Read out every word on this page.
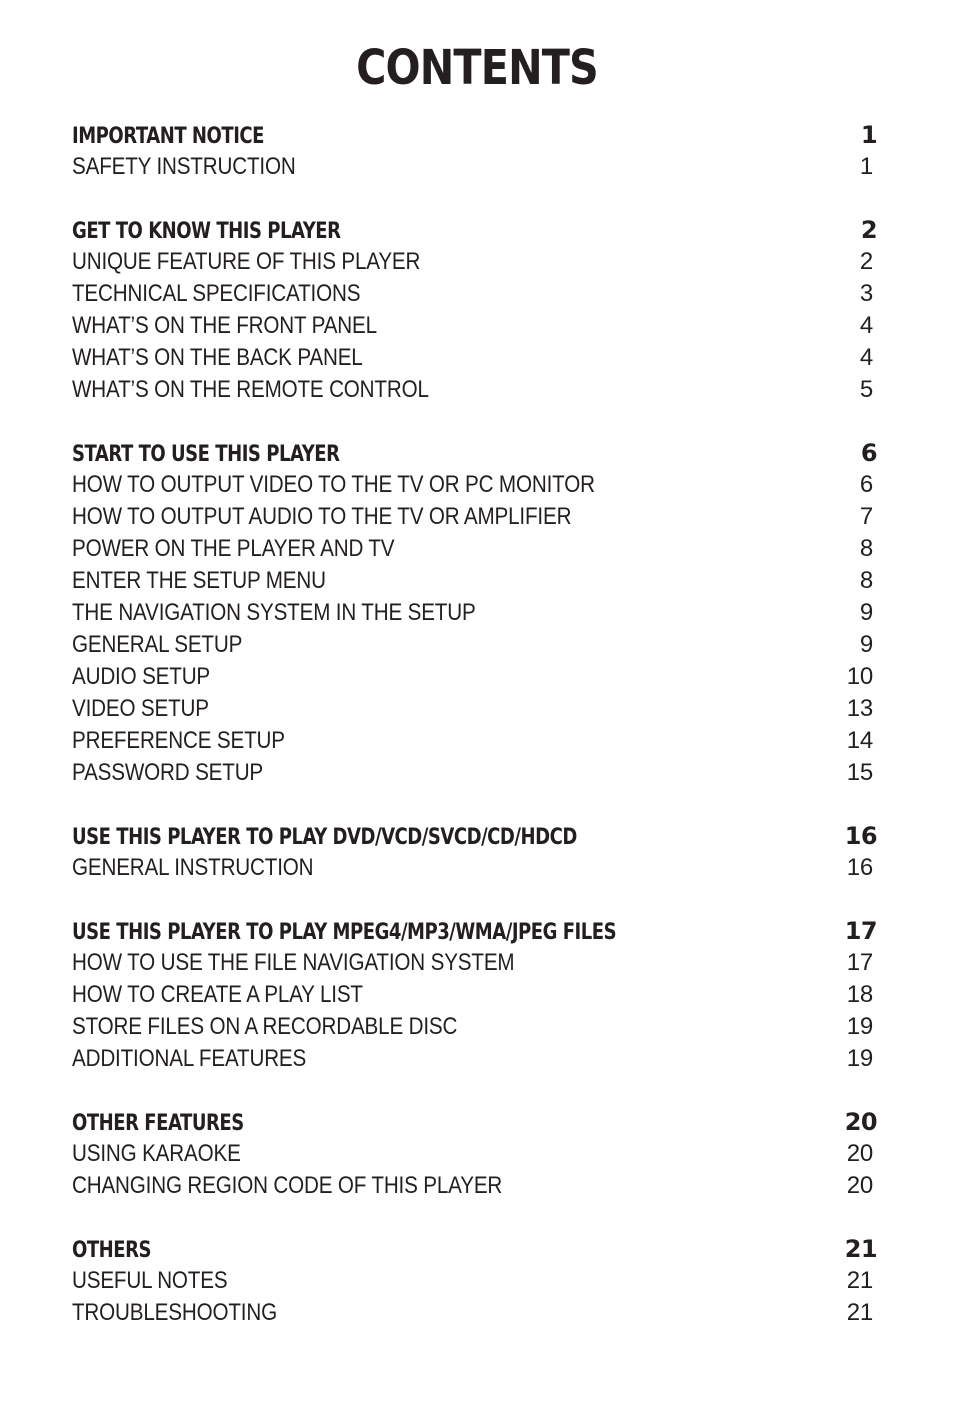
CONTENTS
IMPORTANT NOTICE	1
SAFETY INSTRUCTION	1
GET TO KNOW THIS PLAYER	2
UNIQUE FEATURE OF THIS PLAYER	2
TECHNICAL SPECIFICATIONS	3
WHAT’S ON THE FRONT PANEL	4
WHAT’S ON THE BACK PANEL	4
WHAT’S ON THE REMOTE CONTROL	5
START TO USE THIS PLAYER	6
HOW TO OUTPUT VIDEO TO THE TV OR PC MONITOR	6
HOW TO OUTPUT AUDIO TO THE TV OR AMPLIFIER	7
POWER ON THE PLAYER AND TV	8
ENTER THE SETUP MENU	8
THE NAVIGATION SYSTEM IN THE SETUP	9
GENERAL SETUP	9
AUDIO SETUP	10
VIDEO SETUP	13
PREFERENCE SETUP	14
PASSWORD SETUP	15
USE THIS PLAYER TO PLAY DVD/VCD/SVCD/CD/HDCD	16
GENERAL INSTRUCTION	16
USE THIS PLAYER TO PLAY MPEG4/MP3/WMA/JPEG FILES	17
HOW TO USE THE FILE NAVIGATION SYSTEM	17
HOW TO CREATE A PLAY LIST	18
STORE FILES ON A RECORDABLE DISC	19
ADDITIONAL FEATURES	19
OTHER FEATURES	20
USING KARAOKE	20
CHANGING REGION CODE OF THIS PLAYER	20
OTHERS	21
USEFUL NOTES	21
TROUBLESHOOTING	21
